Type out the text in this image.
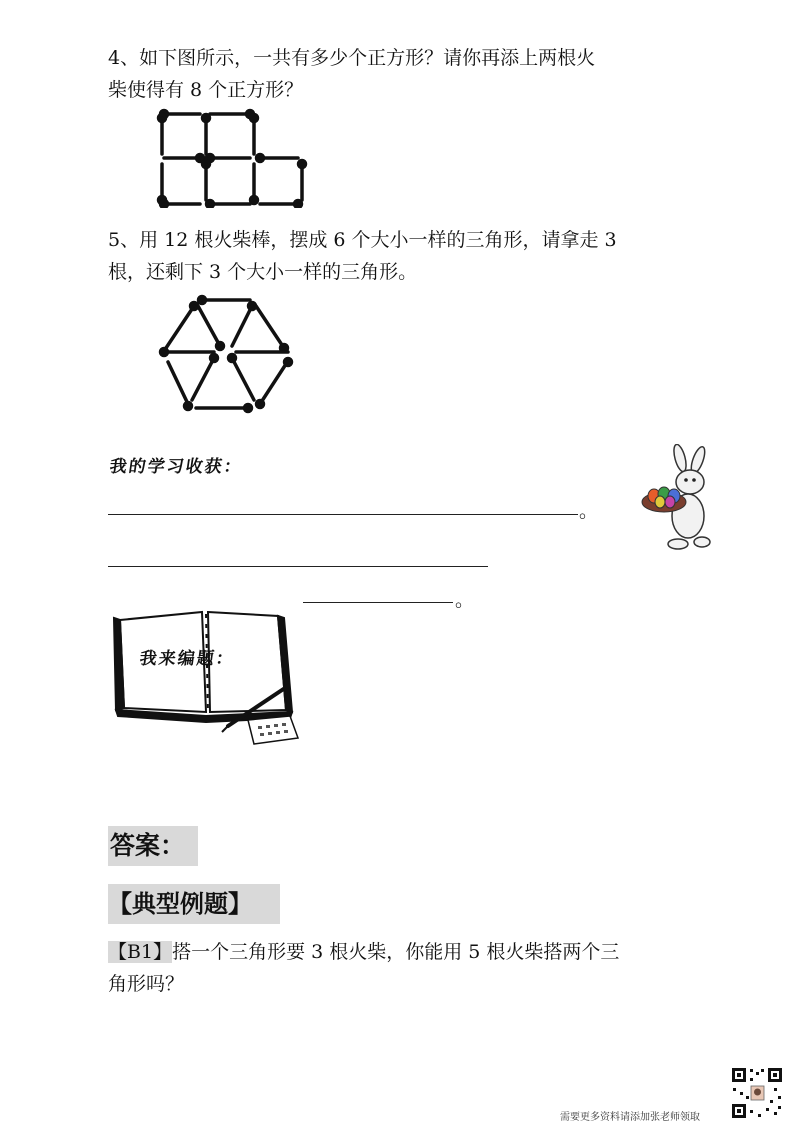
4、如下图所示，一共有多少个正方形？请你再添上两根火
柴使得有 8 个正方形？
5、用 12 根火柴棒，摆成 6 个大小一样的三角形，请拿走 3
根，还剩下 3 个大小一样的三角形。
我的学习收获：
。
。
我来编题：
答案：
【典型例题】
【B1】搭一个三角形要 3 根火柴，你能用 5 根火柴搭两个三
角形吗？
需要更多资料请添加张老师领取
